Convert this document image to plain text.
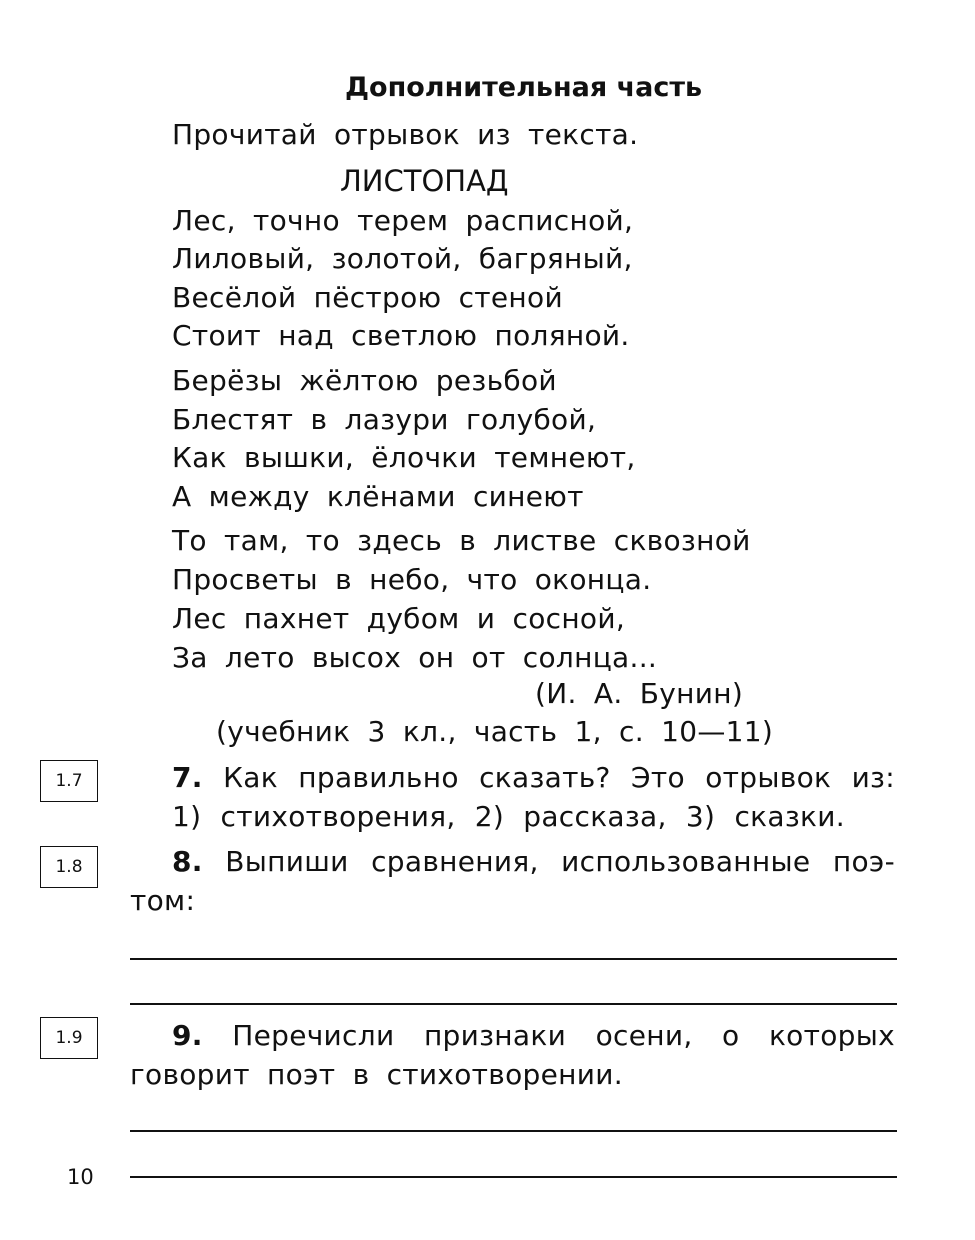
Дополнительная часть
Прочитай отрывок из текста.
ЛИСТОПАД
Лес, точно терем расписной,
Лиловый, золотой, багряный,
Весёлой пёстрою стеной
Стоит над светлою поляной.
Берёзы жёлтою резьбой
Блестят в лазури голубой,
Как вышки, ёлочки темнеют,
А между клёнами синеют
То там, то здесь в листве сквозной
Просветы в небо, что оконца.
Лес пахнет дубом и сосной,
За лето высох он от солнца...
(И. А. Бунин)
(учебник 3 кл., часть 1, с. 10—11)
1.7	7. Как правильно сказать? Это отрывок из:
1) стихотворения, 2) рассказа, 3) сказки.
1.8	8. Выпиши сравнения, использованные поэ-
том:
1.9	9. Перечисли признаки осени, о которых
говорит поэт в стихотворении.
10
